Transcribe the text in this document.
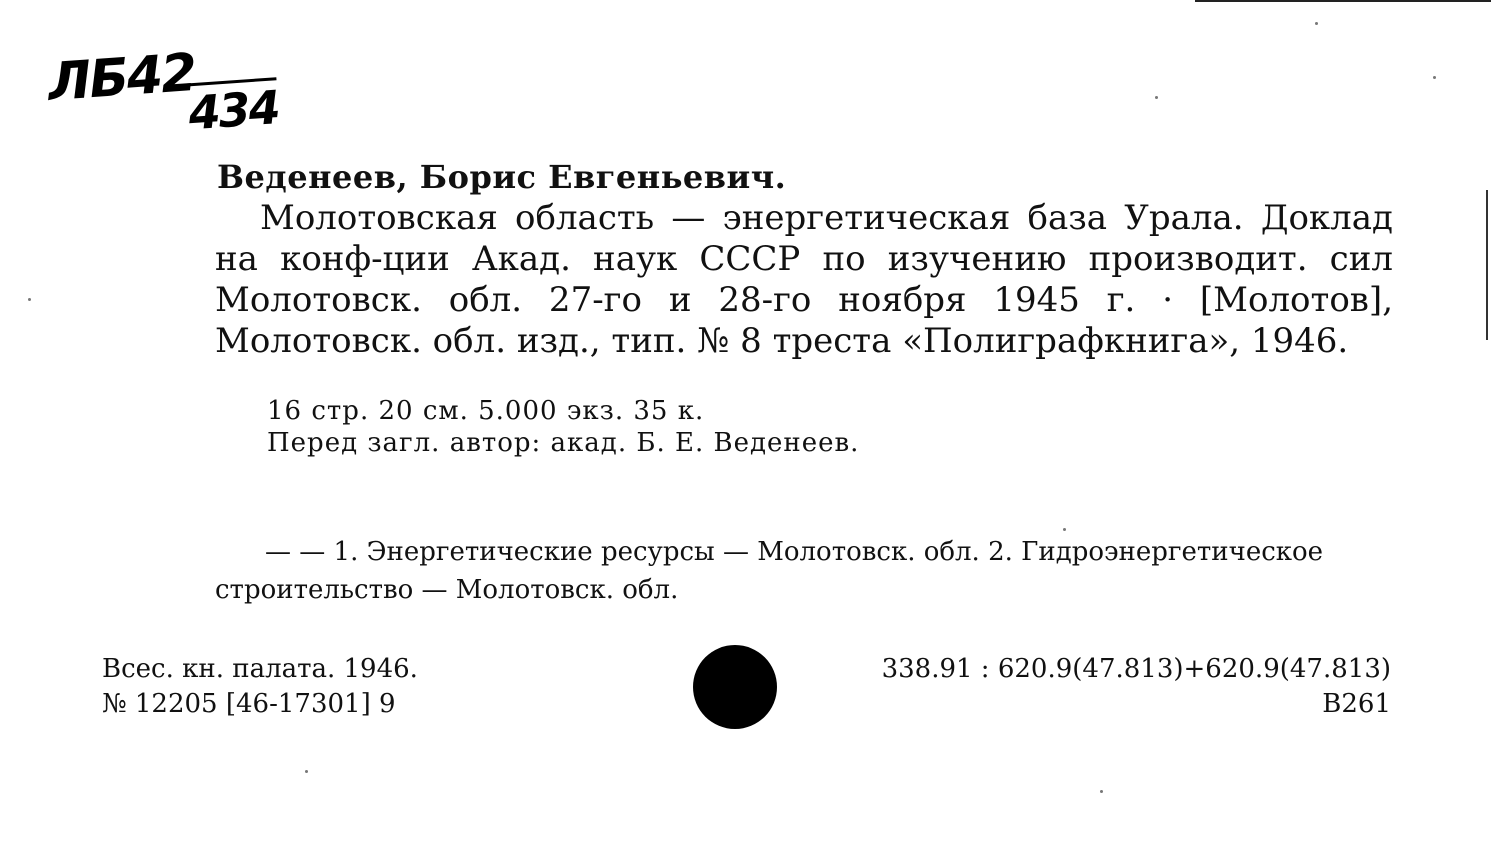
ЛБ42
434
Веденеев, Борис Евгеньевич.
Молотовская область — энергетическая база Урала. Доклад на конф-ции Акад. наук СССР по изучению производит. сил Молотовск. обл. 27-го и 28-го ноября 1945 г. · [Молотов], Молотовск. обл. изд., тип. № 8 треста «Полиграфкнига», 1946.
16 стр. 20 см. 5.000 экз. 35 к.
Перед загл. автор: акад. Б. Е. Веденеев.
— — 1. Энергетические ресурсы — Молотовск. обл. 2. Гидроэнергетическое строительство — Молотовск. обл.
Всес. кн. палата. 1946.
№ 12205 [46-17301] 9
338.91 : 620.9(47.813)+620.9(47.813)
В261
